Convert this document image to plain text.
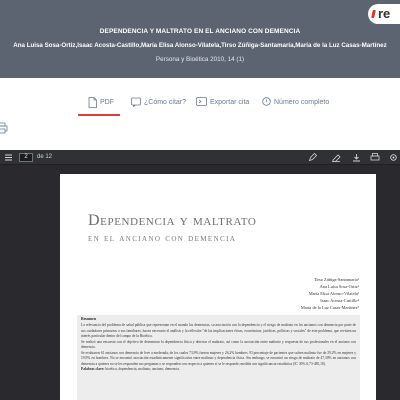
re
DEPENDENCIA Y MALTRATO EN EL ANCIANO CON DEMENCIA
Ana Luisa Sosa-Ortiz,Isaac Acosta-Castillo,María Elisa Alonso-Vilatela,Tirso Zúñiga-Santamaría,María de la Luz Casas-Martínez
Persona y Bioética 2010, 14 (1)
PDF	¿Cómo citar?	Exportar cita	Número completo
2	de 12
Dependencia y maltrato
en el anciano con demencia
Tirso Zúñiga-Santamaría¹
Ana Luisa Sosa-Ortiz²
María Elisa Alonso-Vilatela³
Isaac Acosta-Castillo⁴
María de la Luz Casas-Martínez⁵
Resumen
La relevancia del problema de salud pública que representan en el mundo las demencias, su asociación con la dependencia y el riesgo de maltrato en los ancianos con demencia por parte de sus cuidadores primarios o sus familiares, hacen necesario el análisis y la reflexión "de las implicaciones éticas, económicas, jurídicas, políticas y sociales" de este problema, que revisten un interés particular dentro del campo de la Bioética.
Se realizó una encuesta con el objetivo de determinar la dependencia física y detectar el maltrato, así como la asociación entre maltrato y respuesta de sus profesionales en el anciano con demencia.
Se evaluaron 61 ancianos con demencia de leve a moderada, de los cuales 73,9% fueron mujeres y 26,2% hombres. El porcentaje de pacientes que sufren maltrato fue de 29,2% en mujeres y 19,9% en hombres. No se encontró asociación estadísticamente significativa entre maltrato y dependencia física. Sin embargo, se encontró un riesgo de maltrato de 47,30% en ancianos con demencia a quienes no se les responden sus preguntas o se responden con respecto a quienes sí se le responde; medida con significancia estadística (IC 30% 6,73-485,18).
Palabras clave: bioética, dependencia, maltrato, anciano, demencia.
